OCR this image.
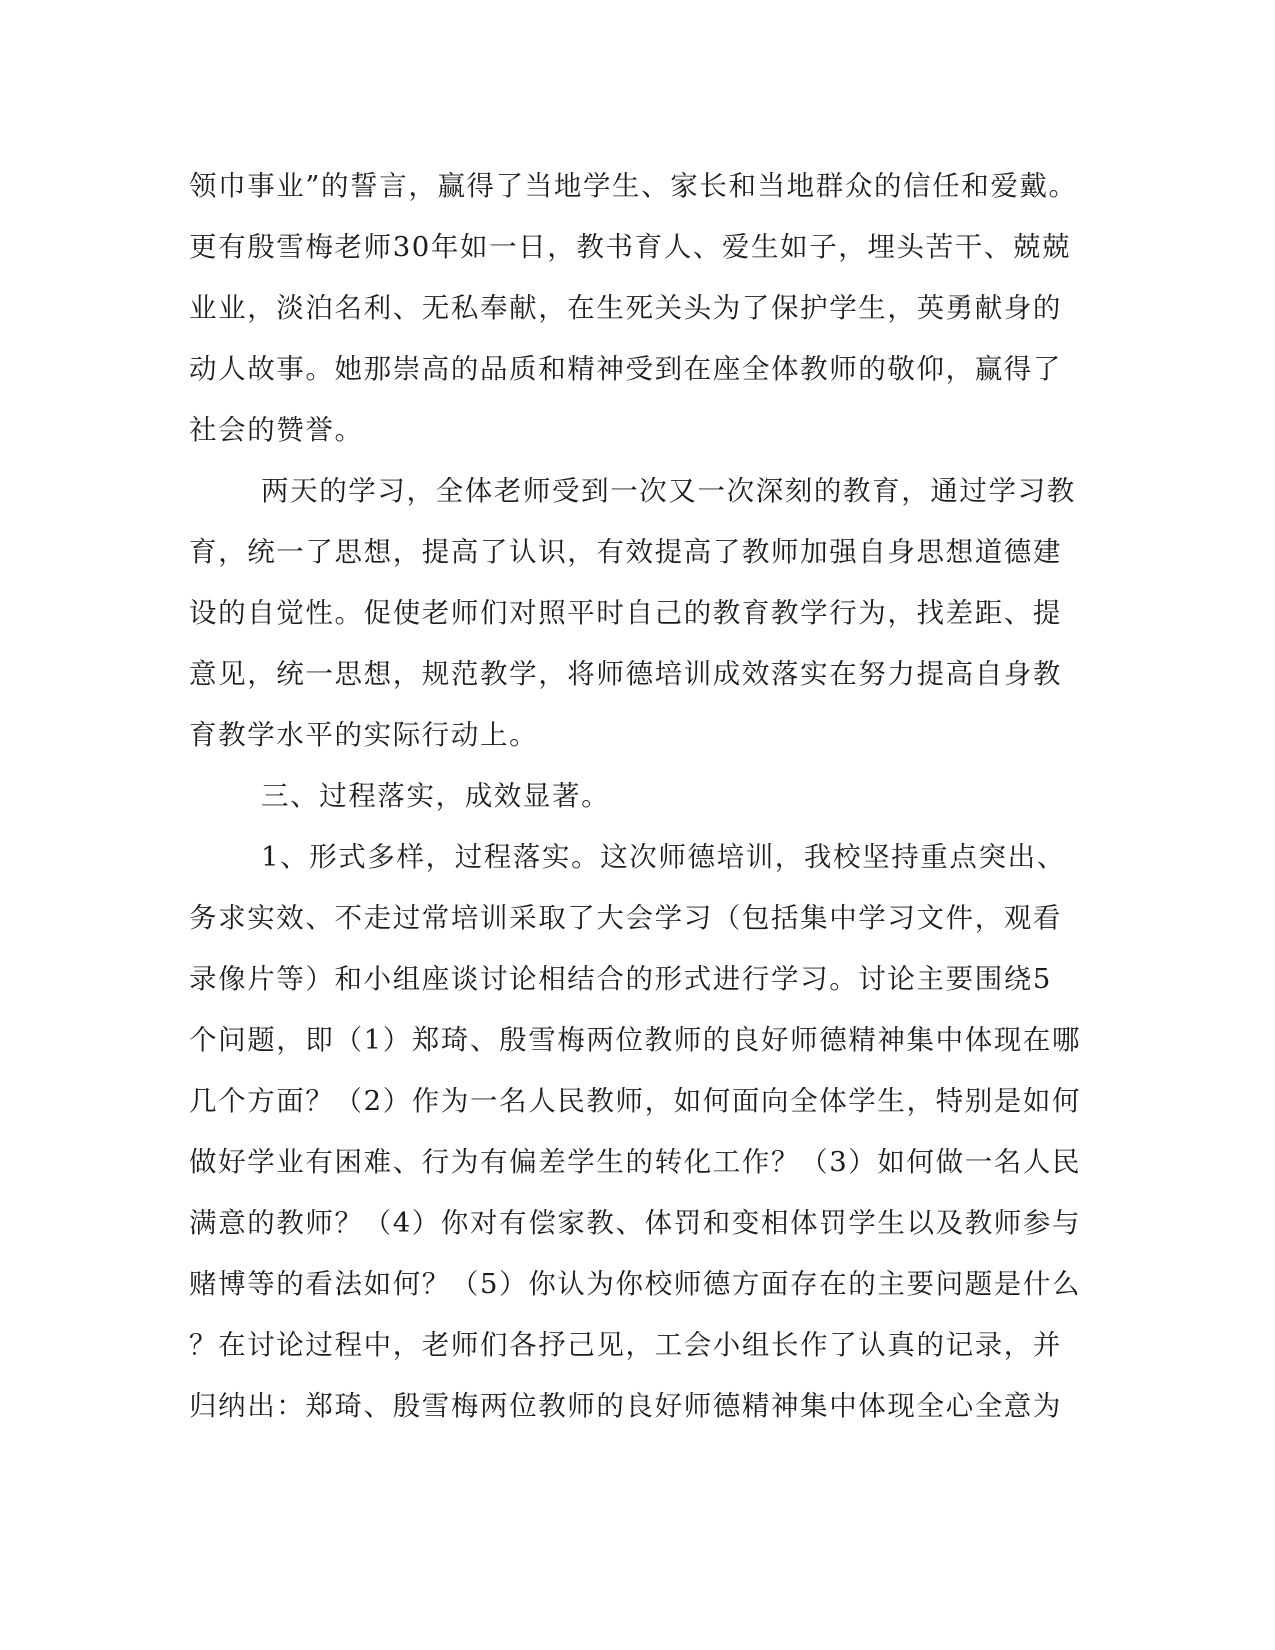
领巾事业”的誓言，赢得了当地学生、家长和当地群众的信任和爱戴。
更有殷雪梅老师30年如一日，教书育人、爱生如子，埋头苦干、兢兢
业业，淡泊名利、无私奉献，在生死关头为了保护学生，英勇献身的
动人故事。她那崇高的品质和精神受到在座全体教师的敬仰，赢得了
社会的赞誉。
两天的学习，全体老师受到一次又一次深刻的教育，通过学习教
育，统一了思想，提高了认识，有效提高了教师加强自身思想道德建
设的自觉性。促使老师们对照平时自己的教育教学行为，找差距、提
意见，统一思想，规范教学，将师德培训成效落实在努力提高自身教
育教学水平的实际行动上。
三、过程落实，成效显著。
1、形式多样，过程落实。这次师德培训，我校坚持重点突出、
务求实效、不走过常培训采取了大会学习（包括集中学习文件，观看
录像片等）和小组座谈讨论相结合的形式进行学习。讨论主要围绕5
个问题，即（1）郑琦、殷雪梅两位教师的良好师德精神集中体现在哪
几个方面？（2）作为一名人民教师，如何面向全体学生，特别是如何
做好学业有困难、行为有偏差学生的转化工作？（3）如何做一名人民
满意的教师？（4）你对有偿家教、体罚和变相体罚学生以及教师参与
赌博等的看法如何？（5）你认为你校师德方面存在的主要问题是什么
？在讨论过程中，老师们各抒己见，工会小组长作了认真的记录，并
归纳出：郑琦、殷雪梅两位教师的良好师德精神集中体现全心全意为
